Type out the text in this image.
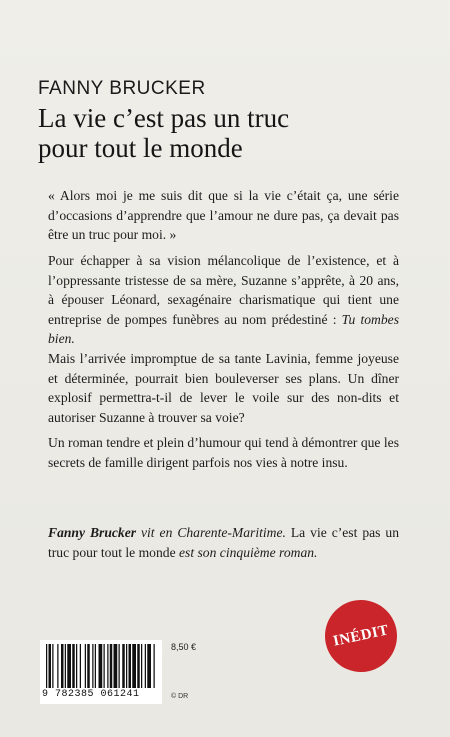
FANNY BRUCKER
La vie c’est pas un truc
pour tout le monde

« Alors moi je me suis dit que si la vie c’était ça, une série d’occasions d’apprendre que l’amour ne dure pas, ça devait pas être un truc pour moi. »

Pour échapper à sa vision mélancolique de l’existence, et à l’oppressante tristesse de sa mère, Suzanne s’apprête, à 20 ans, à épouser Léonard, sexagénaire charismatique qui tient une entreprise de pompes funèbres au nom prédestiné : Tu tombes bien.

Mais l’arrivée impromptue de sa tante Lavinia, femme joyeuse et déterminée, pourrait bien bouleverser ses plans. Un dîner explosif permettra-t-il de lever le voile sur des non-dits et autoriser Suzanne à trouver sa voie?

Un roman tendre et plein d’humour qui tend à démontrer que les secrets de famille dirigent parfois nos vies à notre insu.

Fanny Brucker vit en Charente-Maritime. La vie c’est pas un truc pour tout le monde est son cinquième roman.

INÉDIT
9 782385 061241
8,50 €
© DR
